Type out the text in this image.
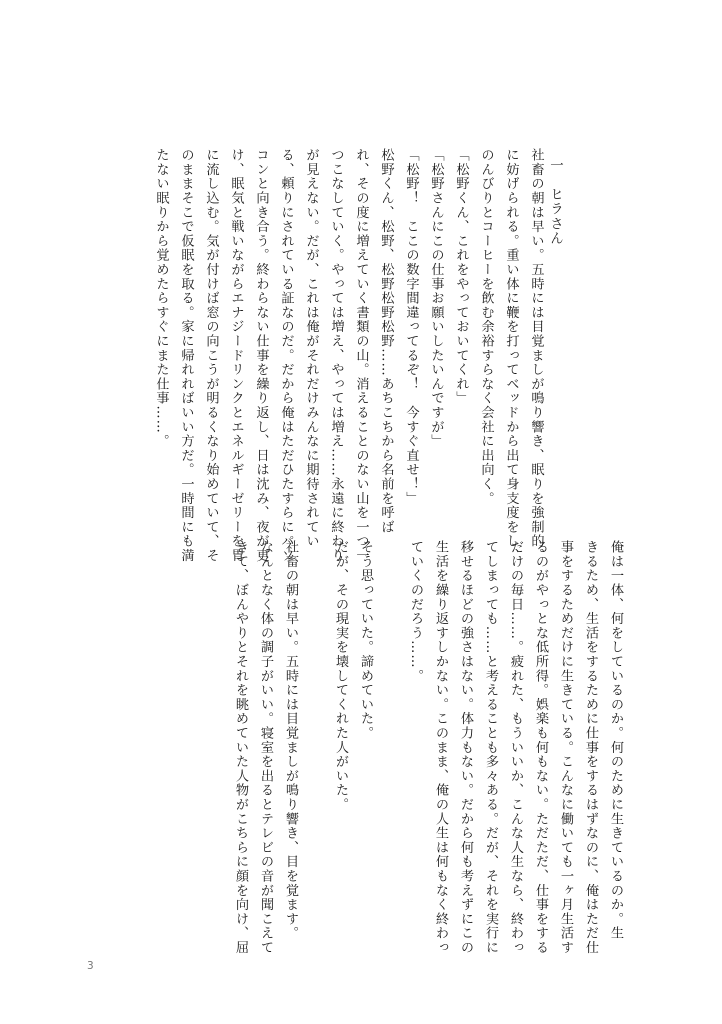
一　ヒラさん

社畜の朝は早い。五時には目覚ましが鳴り響き、眠りを強制的

に妨げられる。重い体に鞭を打ってベッドから出て身支度をし、

のんびりとコーヒーを飲む余裕すらなく会社に出向く。

「松野くん、これをやっておいてくれ」

「松野さんにこの仕事お願いしたいんですが」

「松野！　ここの数字間違ってるぞ！　今すぐ直せ！」

松野くん、松野、松野松野松野……あちこちから名前を呼ば

れ、その度に増えていく書類の山。消えることのない山を一つ一

つこなしていく。やっては増え、やっては増え……永遠に終わり

が見えない。だが、これは俺がそれだけみんなに期待されてい

る、頼りにされている証なのだ。だから俺はただひたすらにパソ

コンと向き合う。終わらない仕事を繰り返し、日は沈み、夜が更

け、眠気と戦いながらエナジードリンクとエネルギーゼリーを胃

に流し込む。気が付けば窓の向こうが明るくなり始めていて、そ

のままそこで仮眠を取る。家に帰れればいい方だ。一時間にも満

たない眠りから覚めたらすぐにまた仕事……。

俺は一体、何をしているのか。何のために生きているのか。生

きるため、生活をするために仕事をするはずなのに、俺はただ仕

事をするためだけに生きている。こんなに働いても一ヶ月生活す

るのがやっとな低所得。娯楽も何もない。ただただ、仕事をする

だけの毎日……。疲れた、もういいか、こんな人生なら、終わっ

てしまっても……と考えることも多々ある。だが、それを実行に

移せるほどの強さはない。体力もない。だから何も考えずにこの

生活を繰り返すしかない。このまま、俺の人生は何もなく終わっ

ていくのだろう……。

そう思っていた。諦めていた。

だが、その現実を壊してくれた人がいた。

社畜の朝は早い。五時には目覚ましが鳴り響き、目を覚ます。

なんとなく体の調子がいい。寝室を出るとテレビの音が聞こえて

きて、ぼんやりとそれを眺めていた人物がこちらに顔を向け、屈

3
